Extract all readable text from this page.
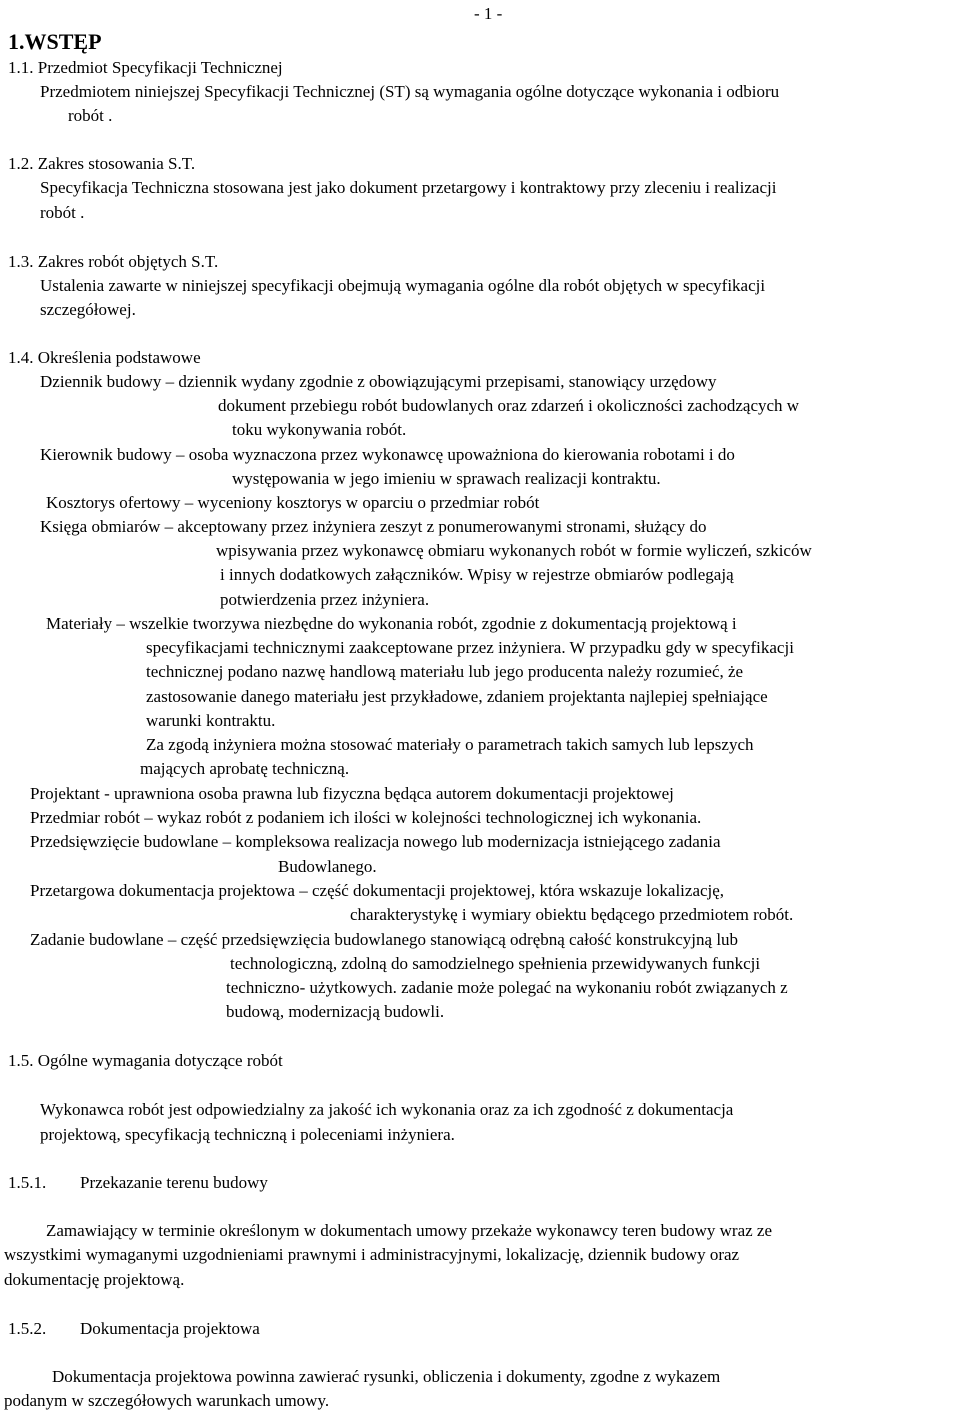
- 1 -
1.WSTĘP
1.1. Przedmiot Specyfikacji Technicznej
Przedmiotem niniejszej Specyfikacji Technicznej (ST) są wymagania ogólne dotyczące wykonania i odbioru
robót .
1.2. Zakres stosowania S.T.
Specyfikacja Techniczna stosowana jest jako dokument przetargowy i kontraktowy przy zleceniu i realizacji
robót .
1.3. Zakres robót objętych S.T.
Ustalenia zawarte w niniejszej specyfikacji obejmują wymagania ogólne dla robót objętych w specyfikacji
szczegółowej.
1.4. Określenia podstawowe
Dziennik budowy – dziennik wydany zgodnie z obowiązującymi przepisami, stanowiący urzędowy
dokument przebiegu robót budowlanych oraz zdarzeń i okoliczności zachodzących w
toku wykonywania robót.
Kierownik budowy – osoba wyznaczona przez wykonawcę upoważniona do kierowania robotami i do
występowania w jego imieniu w sprawach realizacji kontraktu.
Kosztorys ofertowy – wyceniony kosztorys w oparciu o przedmiar robót
Księga obmiarów – akceptowany przez inżyniera zeszyt z ponumerowanymi stronami, służący do
wpisywania przez wykonawcę obmiaru wykonanych robót w formie wyliczeń, szkiców
i innych dodatkowych załączników. Wpisy w rejestrze obmiarów podlegają
potwierdzenia przez inżyniera.
Materiały – wszelkie tworzywa niezbędne do wykonania robót, zgodnie z dokumentacją projektową i
specyfikacjami technicznymi zaakceptowane przez inżyniera. W przypadku gdy w specyfikacji
technicznej podano nazwę handlową materiału lub jego producenta należy rozumieć, że
zastosowanie danego materiału jest przykładowe, zdaniem projektanta najlepiej spełniające
warunki kontraktu.
Za zgodą inżyniera można stosować materiały o parametrach takich samych lub lepszych
mających aprobatę techniczną.
Projektant - uprawniona osoba prawna lub fizyczna będąca autorem dokumentacji projektowej
Przedmiar robót – wykaz robót z podaniem ich ilości w kolejności technologicznej ich wykonania.
Przedsięwzięcie budowlane – kompleksowa realizacja nowego lub modernizacja istniejącego zadania
Budowlanego.
Przetargowa dokumentacja projektowa – część dokumentacji projektowej, która wskazuje lokalizację,
charakterystykę i wymiary obiektu będącego przedmiotem robót.
Zadanie budowlane – część przedsięwzięcia budowlanego stanowiącą odrębną całość konstrukcyjną lub
technologiczną, zdolną do samodzielnego spełnienia przewidywanych funkcji
techniczno- użytkowych. zadanie może polegać na wykonaniu robót związanych z
budową, modernizacją budowli.
1.5. Ogólne wymagania dotyczące robót
Wykonawca robót jest odpowiedzialny za jakość ich wykonania oraz za ich zgodność z dokumentacja
projektową, specyfikacją techniczną i poleceniami inżyniera.
1.5.1. Przekazanie terenu budowy
Zamawiający w terminie określonym w dokumentach umowy przekaże wykonawcy teren budowy wraz ze
wszystkimi wymaganymi uzgodnieniami prawnymi i administracyjnymi, lokalizację, dziennik budowy oraz
dokumentację projektową.
1.5.2. Dokumentacja projektowa
Dokumentacja projektowa powinna zawierać rysunki, obliczenia i dokumenty, zgodne z wykazem
podanym w szczegółowych warunkach umowy.
